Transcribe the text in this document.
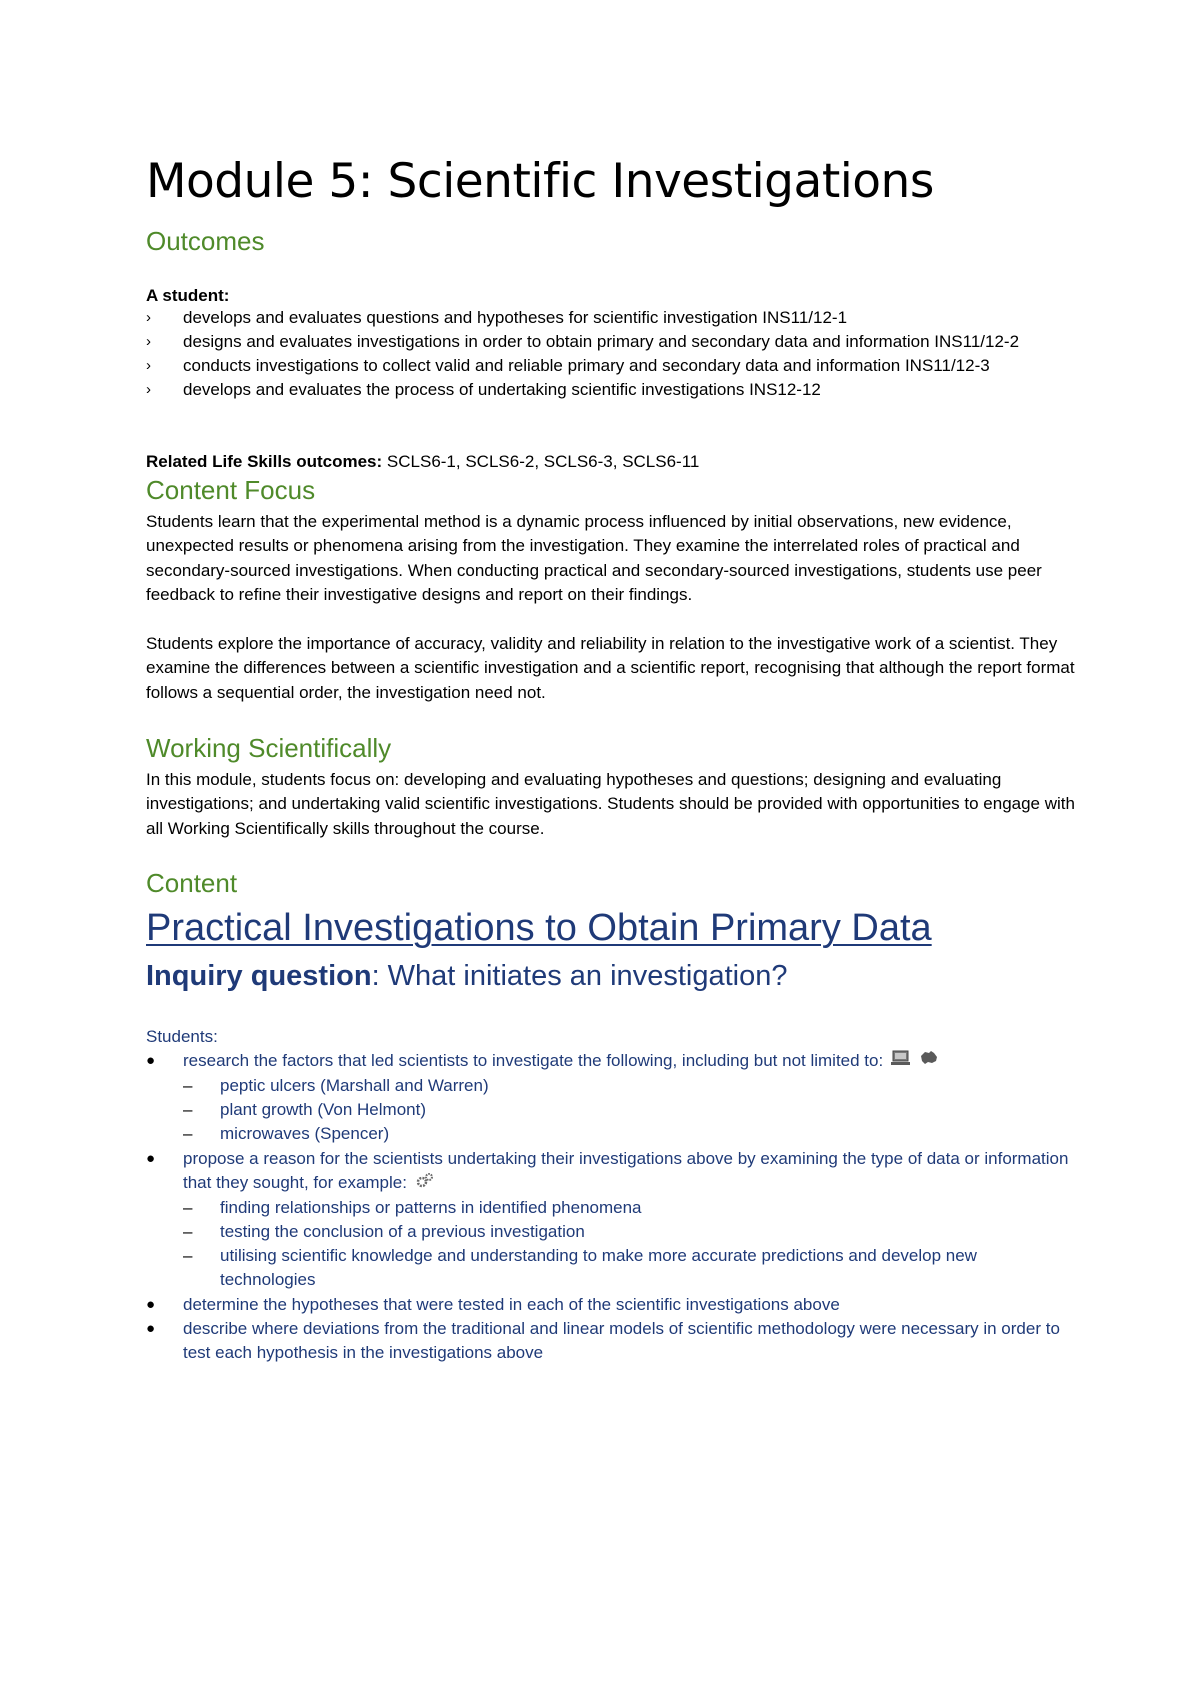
Module 5: Scientific Investigations
Outcomes
A student:
› develops and evaluates questions and hypotheses for scientific investigation INS11/12-1
› designs and evaluates investigations in order to obtain primary and secondary data and information INS11/12-2
› conducts investigations to collect valid and reliable primary and secondary data and information INS11/12-3
› develops and evaluates the process of undertaking scientific investigations INS12-12
Related Life Skills outcomes: SCLS6-1, SCLS6-2, SCLS6-3, SCLS6-11
Content Focus

Students learn that the experimental method is a dynamic process influenced by initial observations, new evidence, unexpected results or phenomena arising from the investigation. They examine the interrelated roles of practical and secondary-sourced investigations. When conducting practical and secondary-sourced investigations, students use peer feedback to refine their investigative designs and report on their findings.

Students explore the importance of accuracy, validity and reliability in relation to the investigative work of a scientist. They examine the differences between a scientific investigation and a scientific report, recognising that although the report format follows a sequential order, the investigation need not.

Working Scientifically

In this module, students focus on: developing and evaluating hypotheses and questions; designing and evaluating investigations; and undertaking valid scientific investigations. Students should be provided with opportunities to engage with all Working Scientifically skills throughout the course.

Content
Practical Investigations to Obtain Primary Data
Inquiry question: What initiates an investigation?
Students:
● research the factors that led scientists to investigate the following, including but not limited to:
– peptic ulcers (Marshall and Warren)
– plant growth (Von Helmont)
– microwaves (Spencer)
● propose a reason for the scientists undertaking their investigations above by examining the type of data or information that they sought, for example:
– finding relationships or patterns in identified phenomena
– testing the conclusion of a previous investigation
– utilising scientific knowledge and understanding to make more accurate predictions and develop new technologies
● determine the hypotheses that were tested in each of the scientific investigations above
● describe where deviations from the traditional and linear models of scientific methodology were necessary in order to test each hypothesis in the investigations above
